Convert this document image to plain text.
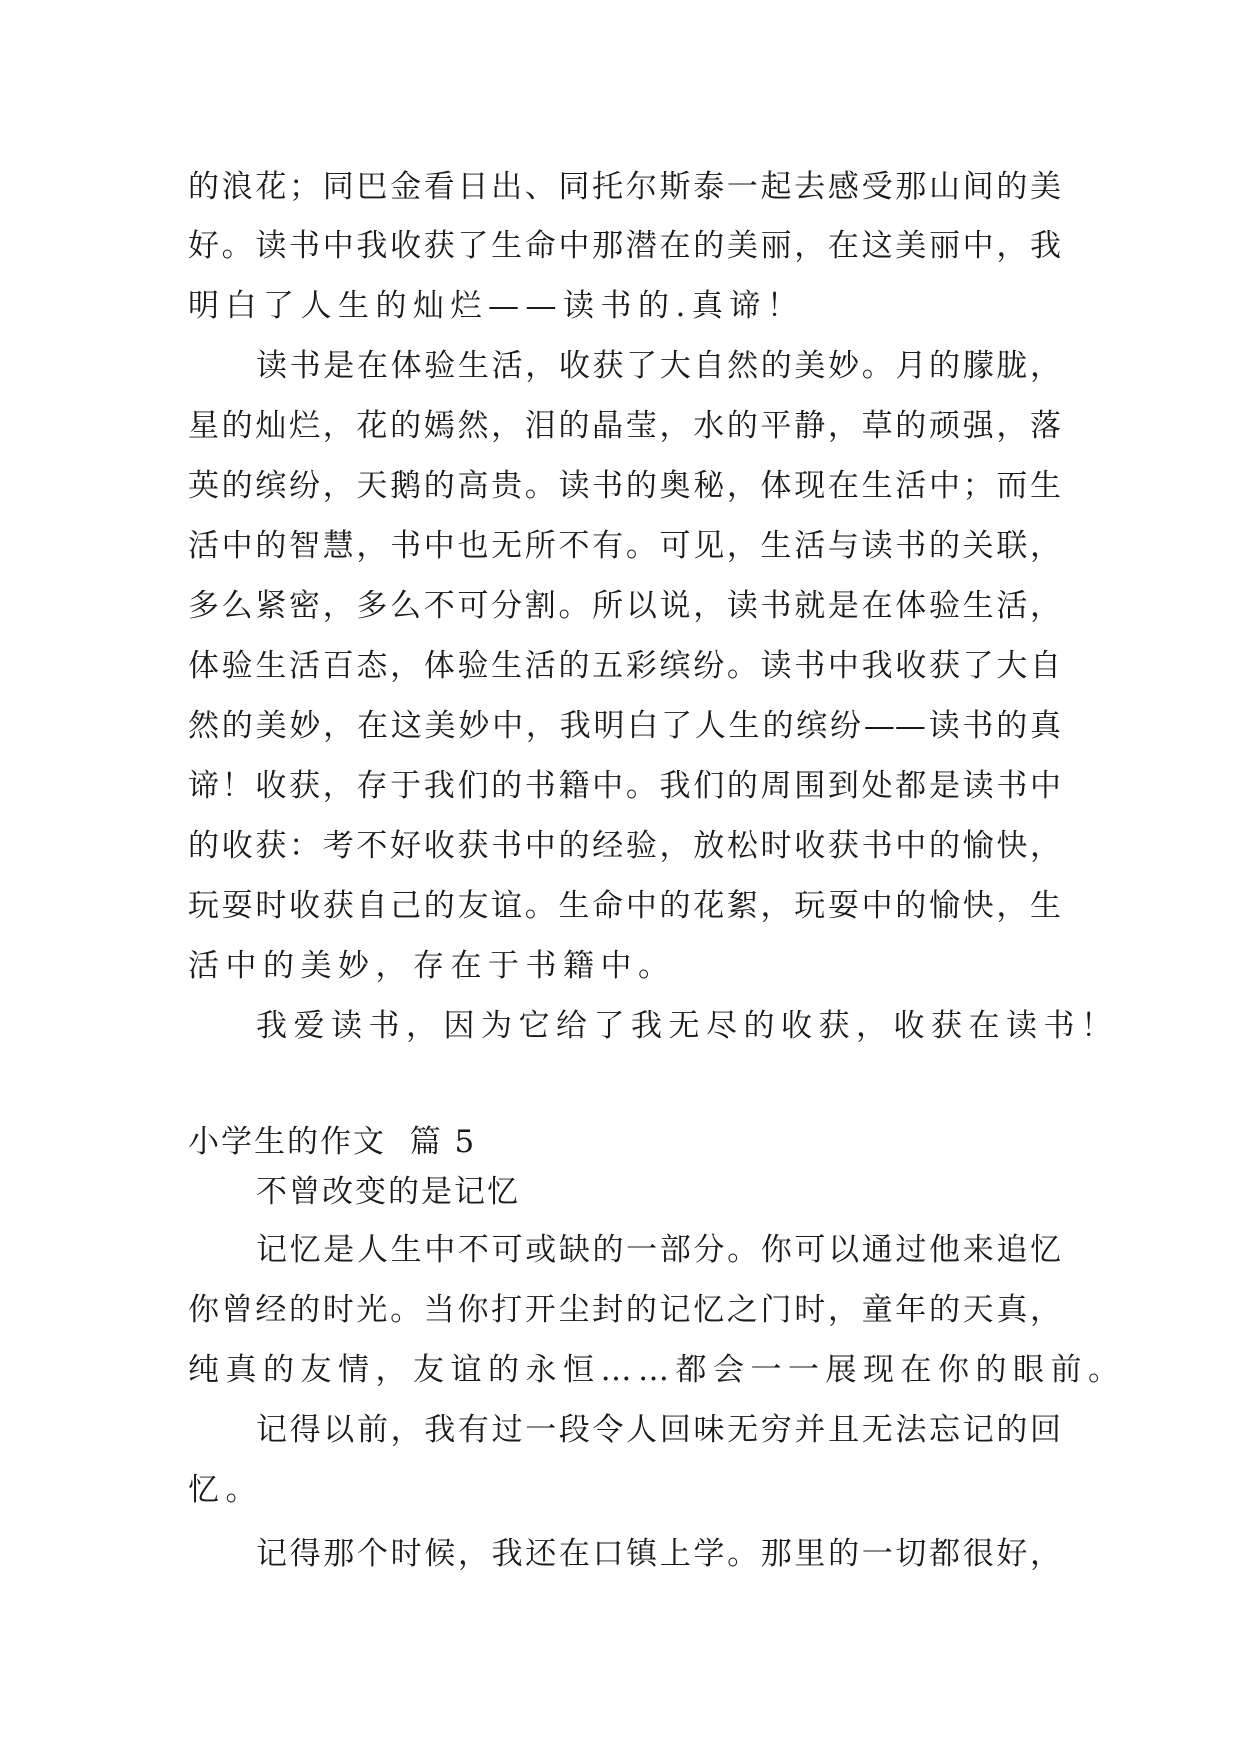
的浪花；同巴金看日出、同托尔斯泰一起去感受那山间的美
好。读书中我收获了生命中那潜在的美丽，在这美丽中，我
明白了人生的灿烂——读书的.真谛！
读书是在体验生活，收获了大自然的美妙。月的朦胧，
星的灿烂，花的嫣然，泪的晶莹，水的平静，草的顽强，落
英的缤纷，天鹅的高贵。读书的奥秘，体现在生活中；而生
活中的智慧，书中也无所不有。可见，生活与读书的关联，
多么紧密，多么不可分割。所以说，读书就是在体验生活，
体验生活百态，体验生活的五彩缤纷。读书中我收获了大自
然的美妙，在这美妙中，我明白了人生的缤纷——读书的真
谛！收获，存于我们的书籍中。我们的周围到处都是读书中
的收获：考不好收获书中的经验，放松时收获书中的愉快，
玩耍时收获自己的友谊。生命中的花絮，玩耍中的愉快，生
活中的美妙，存在于书籍中。
我爱读书，因为它给了我无尽的收获，收获在读书！
小学生的作文  篇 5
不曾改变的是记忆
记忆是人生中不可或缺的一部分。你可以通过他来追忆
你曾经的时光。当你打开尘封的记忆之门时，童年的天真，
纯真的友情，友谊的永恒……都会一一展现在你的眼前。
记得以前，我有过一段令人回味无穷并且无法忘记的回
忆。
记得那个时候，我还在口镇上学。那里的一切都很好，
